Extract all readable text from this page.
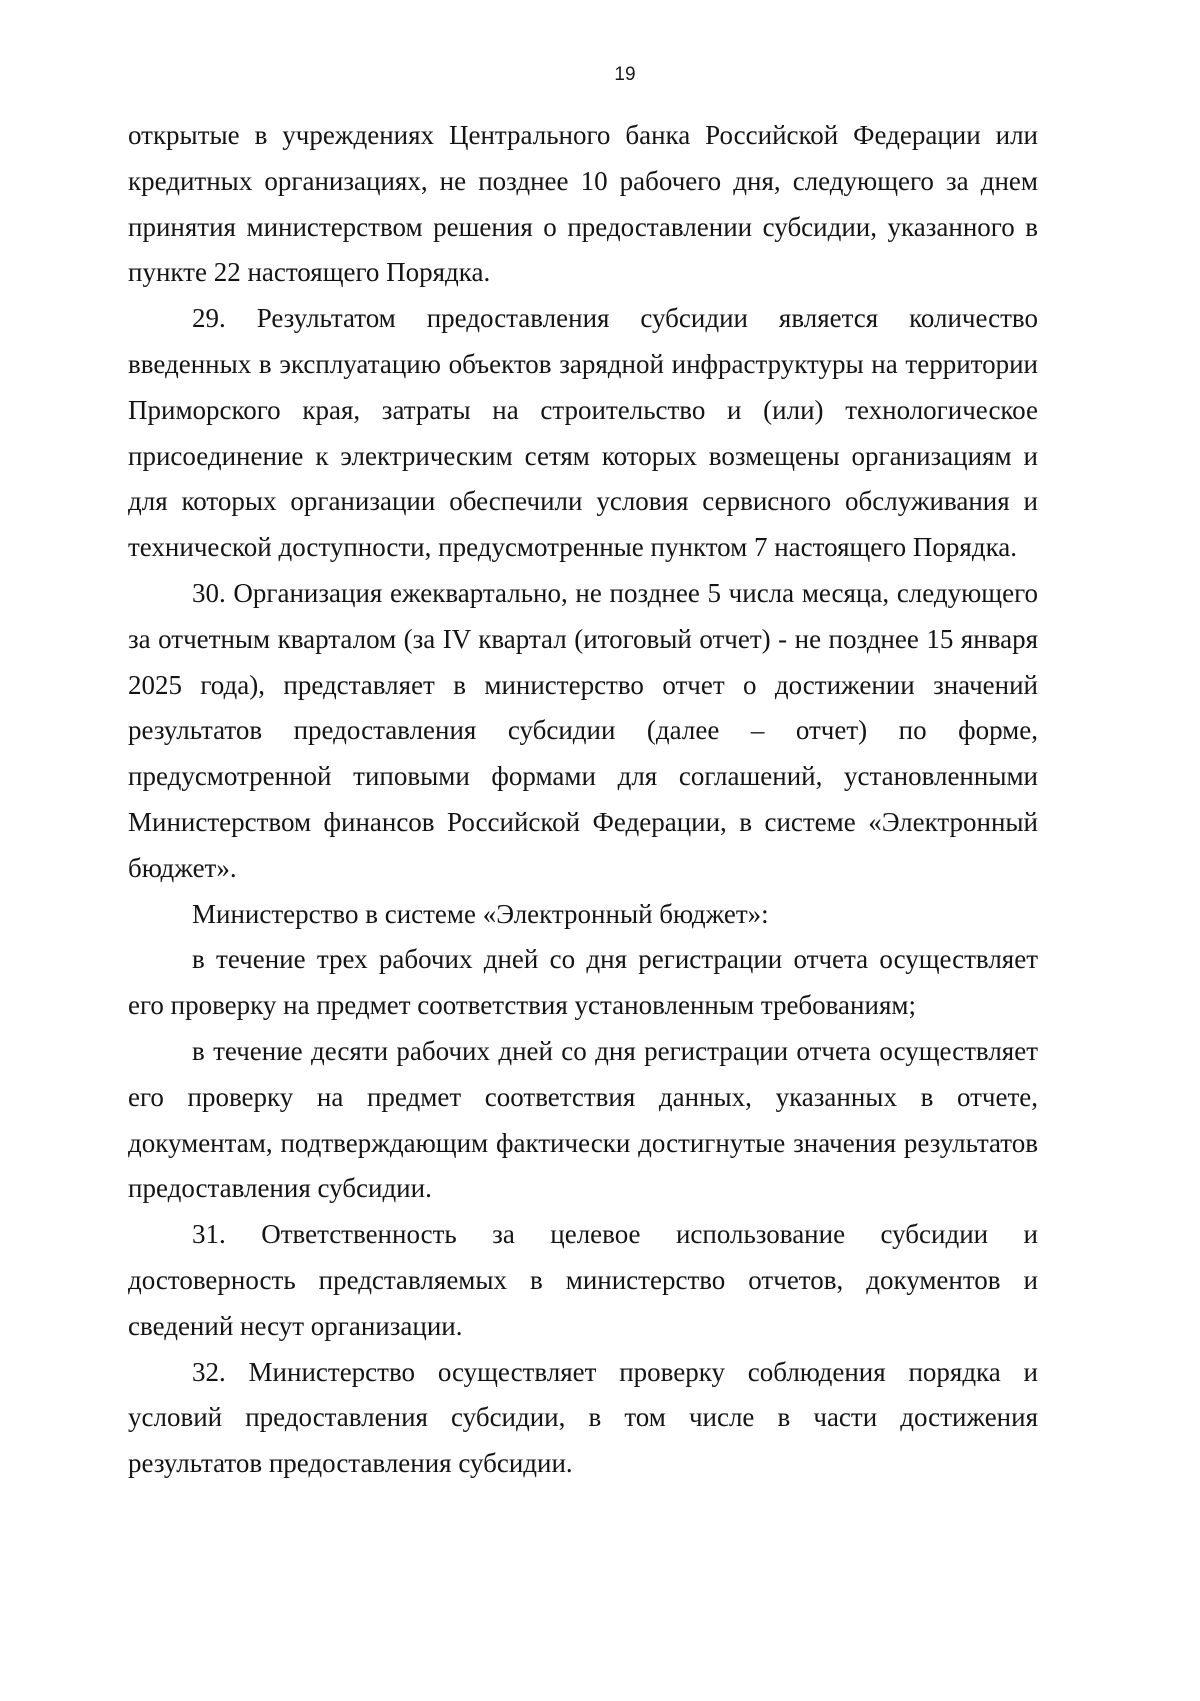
19

открытые в учреждениях Центрального банка Российской Федерации или кредитных организациях, не позднее 10 рабочего дня, следующего за днем принятия министерством решения о предоставлении субсидии, указанного в пункте 22 настоящего Порядка.

29. Результатом предоставления субсидии является количество введенных в эксплуатацию объектов зарядной инфраструктуры на территории Приморского края, затраты на строительство и (или) технологическое присоединение к электрическим сетям которых возмещены организациям и для которых организации обеспечили условия сервисного обслуживания и технической доступности, предусмотренные пунктом 7 настоящего Порядка.

30. Организация ежеквартально, не позднее 5 числа месяца, следующего за отчетным кварталом (за IV квартал (итоговый отчет) - не позднее 15 января 2025 года), представляет в министерство отчет о достижении значений результатов предоставления субсидии (далее – отчет) по форме, предусмотренной типовыми формами для соглашений, установленными Министерством финансов Российской Федерации, в системе «Электронный бюджет».

Министерство в системе «Электронный бюджет»:

в течение трех рабочих дней со дня регистрации отчета осуществляет его проверку на предмет соответствия установленным требованиям;

в течение десяти рабочих дней со дня регистрации отчета осуществляет его проверку на предмет соответствия данных, указанных в отчете, документам, подтверждающим фактически достигнутые значения результатов предоставления субсидии.

31. Ответственность за целевое использование субсидии и достоверность представляемых в министерство отчетов, документов и сведений несут организации.

32. Министерство осуществляет проверку соблюдения порядка и условий предоставления субсидии, в том числе в части достижения результатов предоставления субсидии.
